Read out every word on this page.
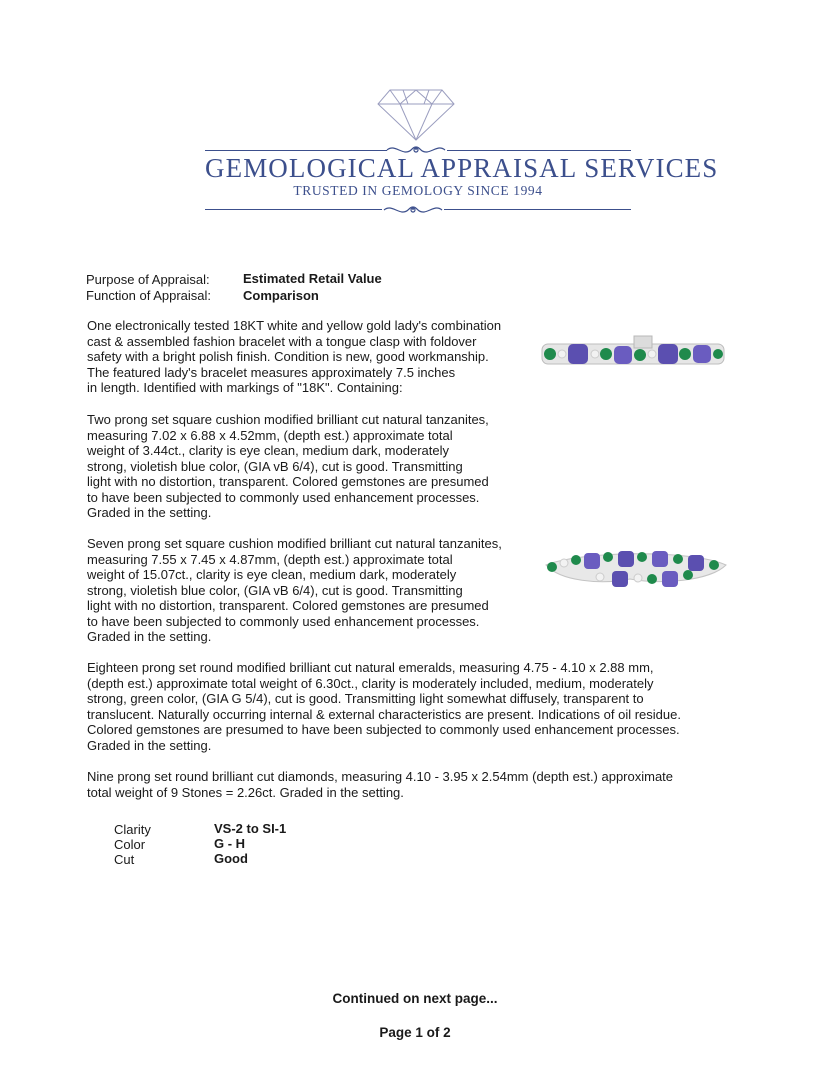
GEMOLOGICAL APPRAISAL SERVICES
TRUSTED IN GEMOLOGY SINCE 1994
Purpose of Appraisal:	Estimated Retail Value
Function of Appraisal: Comparison
One electronically tested 18KT white and yellow gold lady's combination
cast & assembled fashion bracelet with a tongue clasp with foldover
safety with a bright polish finish. Condition is new, good workmanship.
The featured lady's bracelet measures approximately 7.5 inches
in length. Identified with markings of "18K". Containing:
Two prong set square cushion modified brilliant cut natural tanzanites,
measuring 7.02 x 6.88 x 4.52mm, (depth est.) approximate total
weight of 3.44ct., clarity is eye clean, medium dark, moderately
strong, violetish blue color, (GIA vB 6/4), cut is good. Transmitting
light with no distortion, transparent. Colored gemstones are presumed
to have been subjected to commonly used enhancement processes.
Graded in the setting.
Seven prong set square cushion modified brilliant cut natural tanzanites,
measuring 7.55 x 7.45 x 4.87mm, (depth est.) approximate total
weight of 15.07ct., clarity is eye clean, medium dark, moderately
strong, violetish blue color, (GIA vB 6/4), cut is good. Transmitting
light with no distortion, transparent. Colored gemstones are presumed
to have been subjected to commonly used enhancement processes.
Graded in the setting.
Eighteen prong set round modified brilliant cut natural emeralds, measuring 4.75 - 4.10 x 2.88 mm,
(depth est.) approximate total weight of 6.30ct., clarity is moderately included, medium, moderately
strong, green color, (GIA G 5/4), cut is good. Transmitting light somewhat diffusely, transparent to
translucent. Naturally occurring internal & external characteristics are present. Indications of oil residue.
Colored gemstones are presumed to have been subjected to commonly used enhancement processes.
Graded in the setting.
Nine prong set round brilliant cut diamonds, measuring 4.10 - 3.95 x 2.54mm (depth est.) approximate
total weight of 9 Stones = 2.26ct. Graded in the setting.
Clarity	VS-2 to SI-1
Color	G - H
Cut	Good
Continued on next page...
Page 1 of 2
